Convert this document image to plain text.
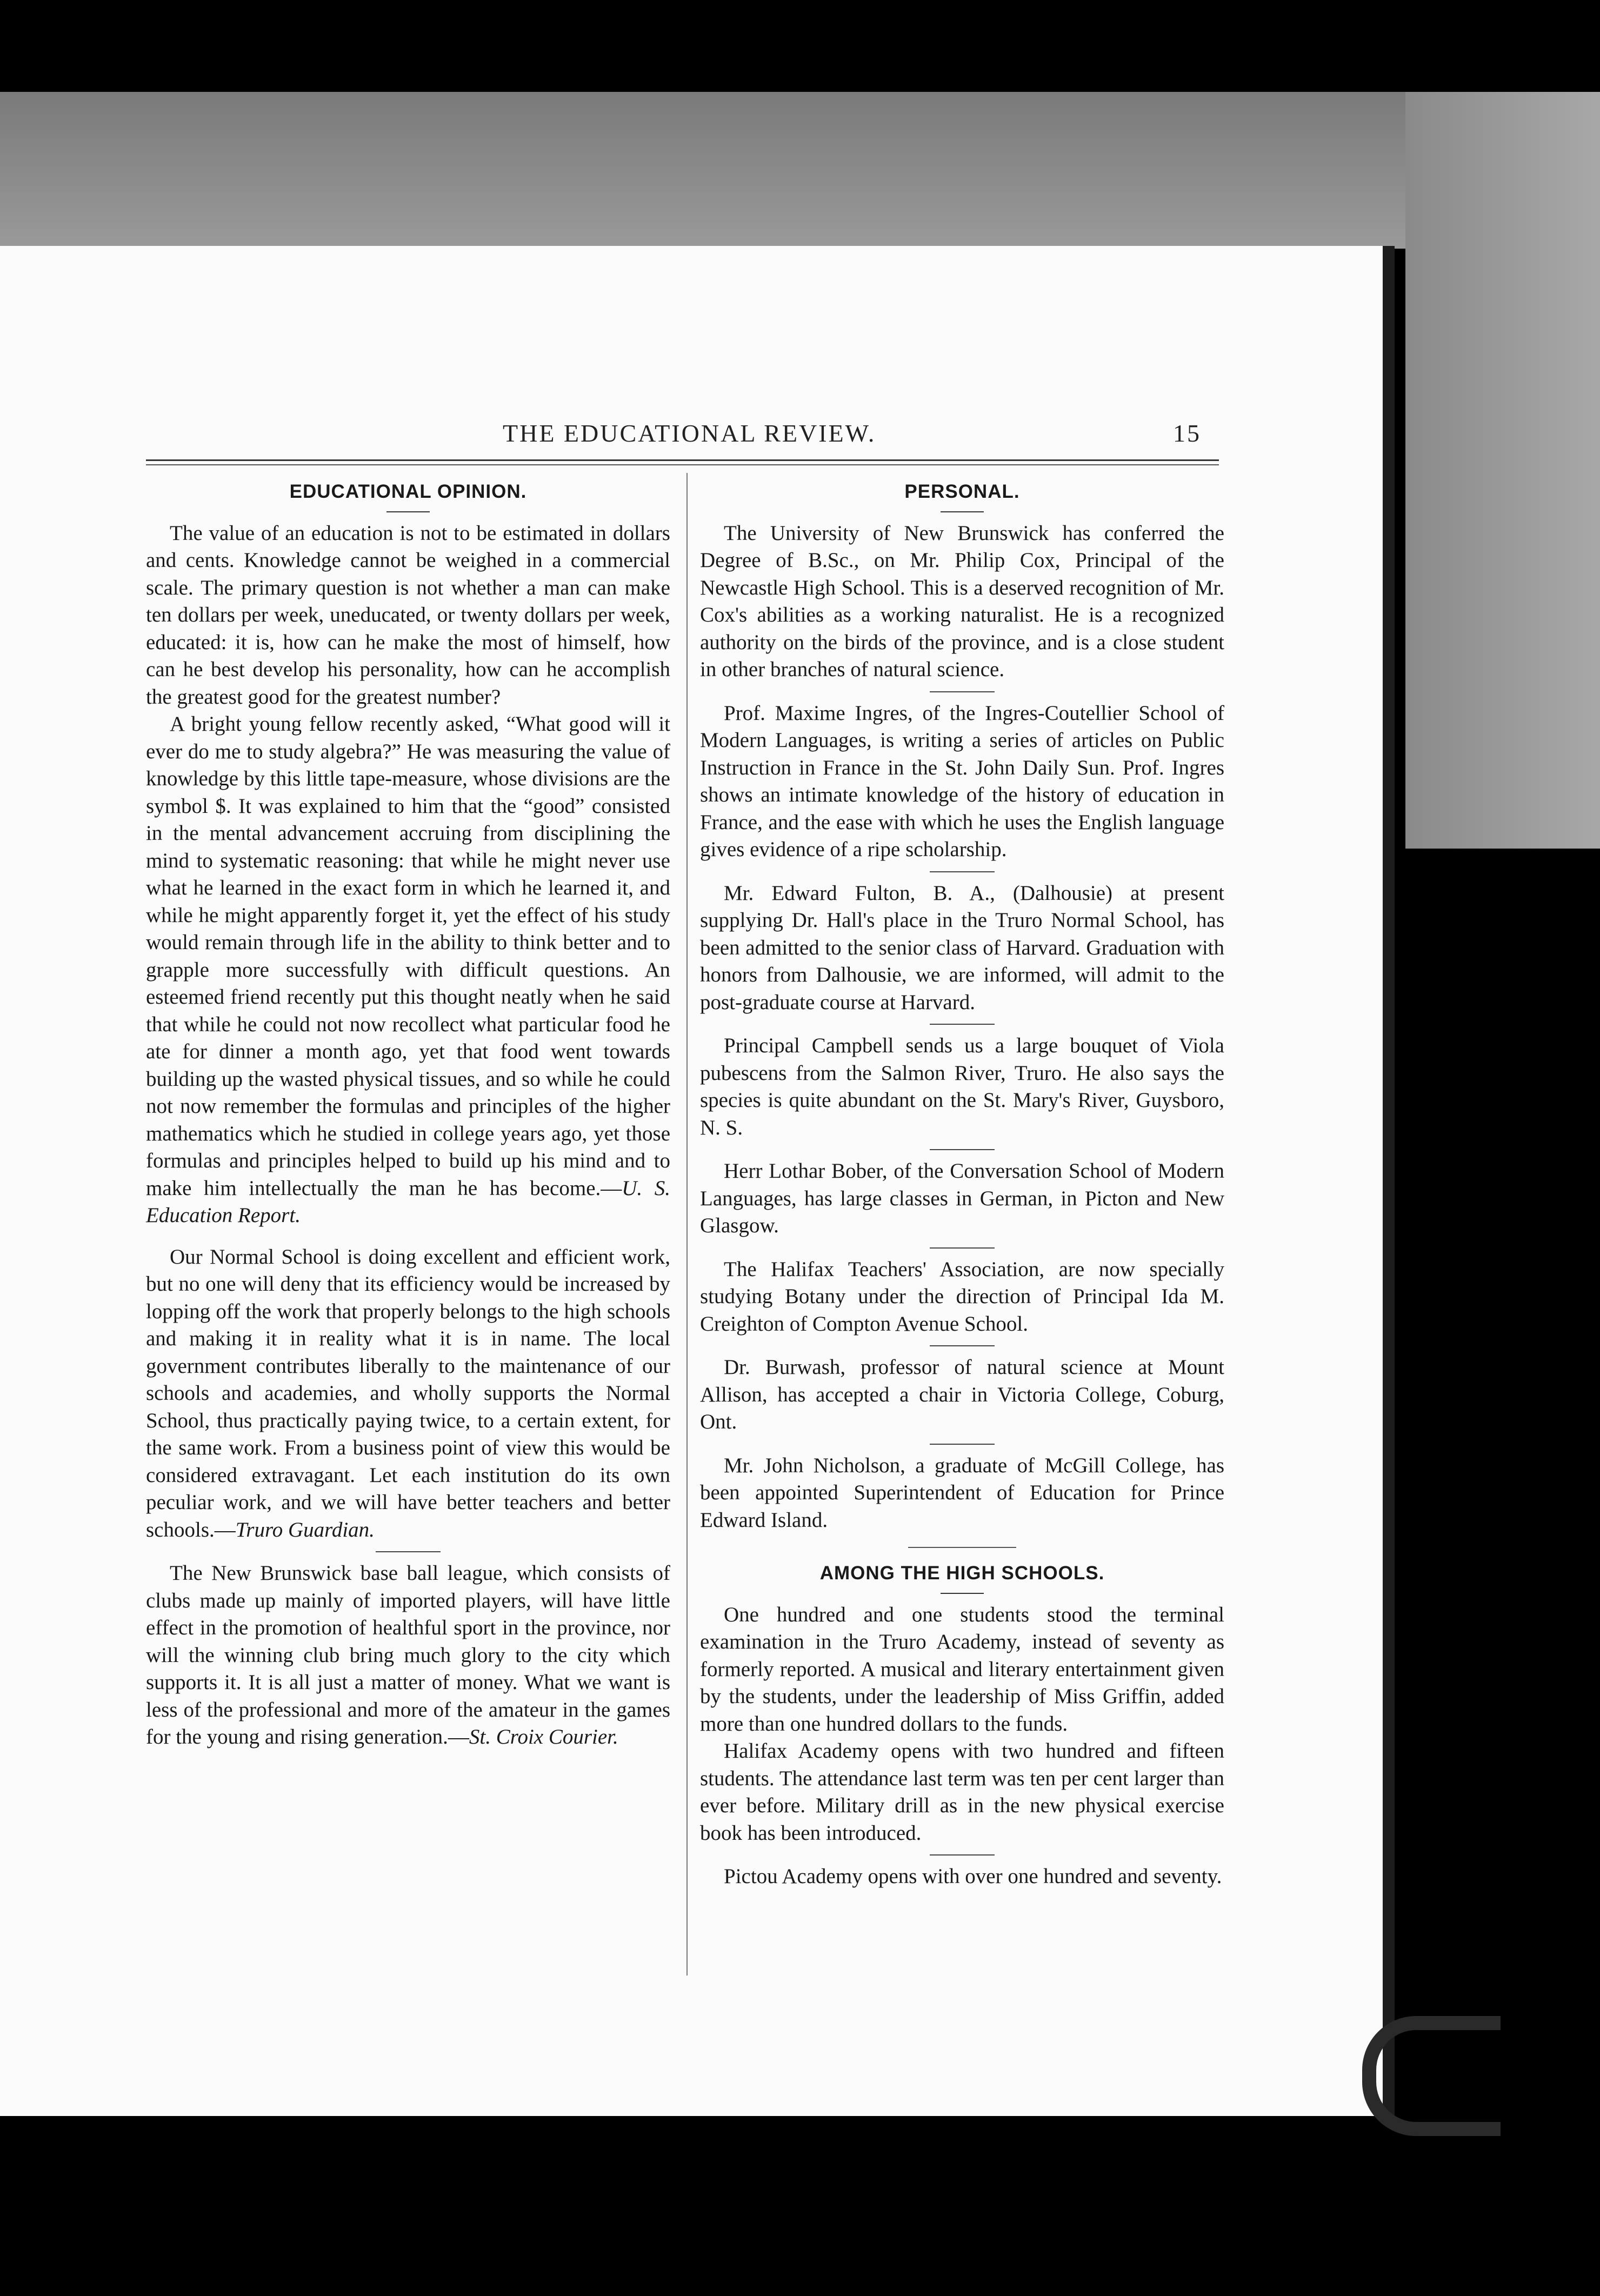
THE EDUCATIONAL REVIEW.	15
EDUCATIONAL OPINION.

The value of an education is not to be estimated in dollars and cents. Knowledge cannot be weighed in a commercial scale. The primary question is not whether a man can make ten dollars per week, uneducated, or twenty dollars per week, educated: it is, how can he make the most of himself, how can he best develop his personality, how can he accomplish the greatest good for the greatest number?

A bright young fellow recently asked, “What good will it ever do me to study algebra?” He was measuring the value of knowledge by this little tape-measure, whose divisions are the symbol $. It was explained to him that the “good” consisted in the mental advancement accruing from disciplining the mind to systematic reasoning: that while he might never use what he learned in the exact form in which he learned it, and while he might apparently forget it, yet the effect of his study would remain through life in the ability to think better and to grapple more successfully with difficult questions. An esteemed friend recently put this thought neatly when he said that while he could not now recollect what particular food he ate for dinner a month ago, yet that food went towards building up the wasted physical tissues, and so while he could not now remember the formulas and principles of the higher mathematics which he studied in college years ago, yet those formulas and principles helped to build up his mind and to make him intellectually the man he has become.—U. S. Education Report.

Our Normal School is doing excellent and efficient work, but no one will deny that its efficiency would be increased by lopping off the work that properly belongs to the high schools and making it in reality what it is in name. The local government contributes liberally to the maintenance of our schools and academies, and wholly supports the Normal School, thus practically paying twice, to a certain extent, for the same work. From a business point of view this would be considered extravagant. Let each institution do its own peculiar work, and we will have better teachers and better schools.—Truro Guardian.

The New Brunswick base ball league, which consists of clubs made up mainly of imported players, will have little effect in the promotion of healthful sport in the province, nor will the winning club bring much glory to the city which supports it. It is all just a matter of money. What we want is less of the professional and more of the amateur in the games for the young and rising generation.—St. Croix Courier.

PERSONAL.

The University of New Brunswick has conferred the Degree of B.Sc., on Mr. Philip Cox, Principal of the Newcastle High School. This is a deserved recognition of Mr. Cox's abilities as a working naturalist. He is a recognized authority on the birds of the province, and is a close student in other branches of natural science.

Prof. Maxime Ingres, of the Ingres-Coutellier School of Modern Languages, is writing a series of articles on Public Instruction in France in the St. John Daily Sun. Prof. Ingres shows an intimate knowledge of the history of education in France, and the ease with which he uses the English language gives evidence of a ripe scholarship.

Mr. Edward Fulton, B. A., (Dalhousie) at present supplying Dr. Hall's place in the Truro Normal School, has been admitted to the senior class of Harvard. Graduation with honors from Dalhousie, we are informed, will admit to the post-graduate course at Harvard.

Principal Campbell sends us a large bouquet of Viola pubescens from the Salmon River, Truro. He also says the species is quite abundant on the St. Mary's River, Guysboro, N. S.

Herr Lothar Bober, of the Conversation School of Modern Languages, has large classes in German, in Picton and New Glasgow.

The Halifax Teachers' Association, are now specially studying Botany under the direction of Principal Ida M. Creighton of Compton Avenue School.

Dr. Burwash, professor of natural science at Mount Allison, has accepted a chair in Victoria College, Coburg, Ont.

Mr. John Nicholson, a graduate of McGill College, has been appointed Superintendent of Education for Prince Edward Island.

AMONG THE HIGH SCHOOLS.

One hundred and one students stood the terminal examination in the Truro Academy, instead of seventy as formerly reported. A musical and literary entertainment given by the students, under the leadership of Miss Griffin, added more than one hundred dollars to the funds.

Halifax Academy opens with two hundred and fifteen students. The attendance last term was ten per cent larger than ever before. Military drill as in the new physical exercise book has been introduced.

Pictou Academy opens with over one hundred and seventy.
